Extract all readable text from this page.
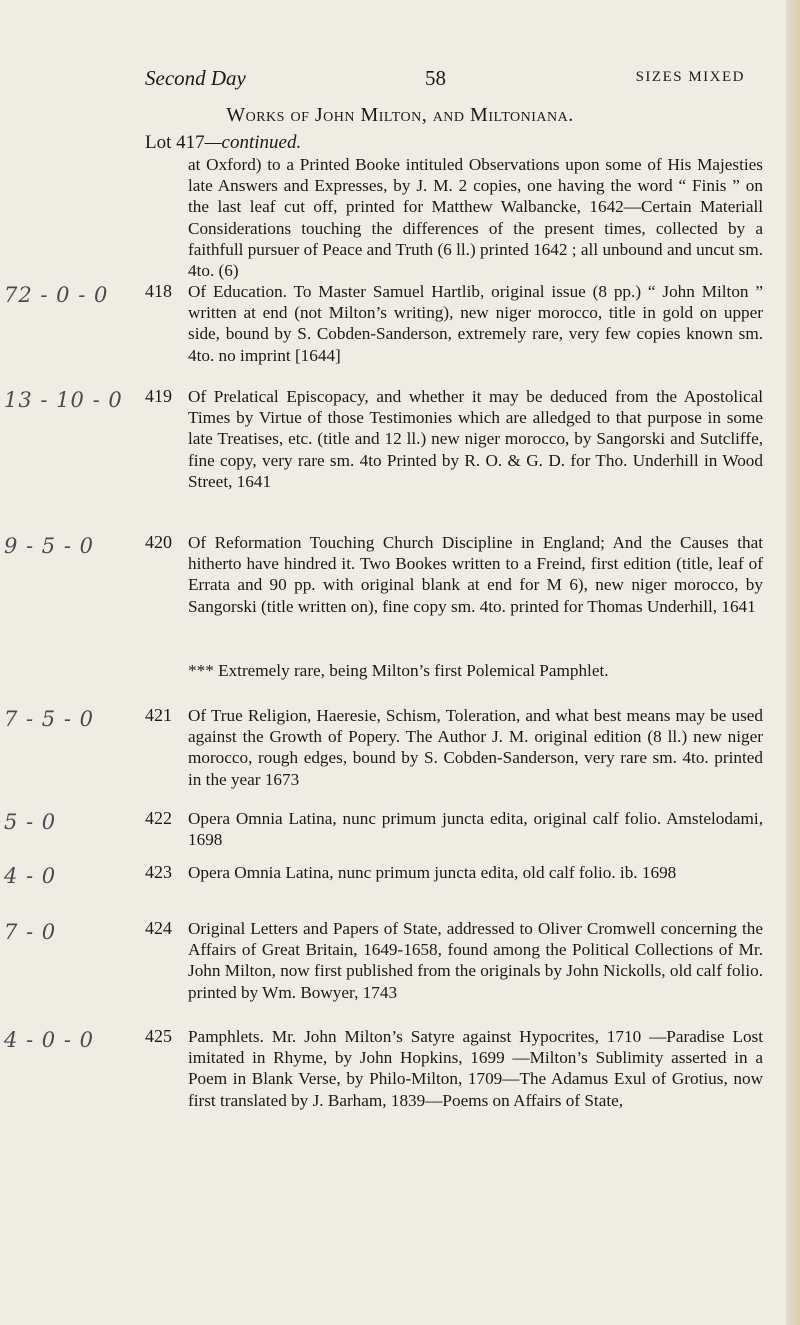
Second Day	58	SIZES MIXED
Works of John Milton, and Miltoniana.
Lot 417—continued.
at Oxford) to a Printed Booke intituled Observations upon some of His Majesties late Answers and Expresses, by J. M. 2 copies, one having the word “ Finis ” on the last leaf cut off, printed for Matthew Walbancke, 1642—Certain Materiall Considerations touching the differences of the present times, collected by a faithfull pursuer of Peace and Truth (6 ll.) printed 1642 ; all unbound and uncut sm. 4to. (6)
72 - 0 - 0	418 Of Education. To Master Samuel Hartlib, original issue (8 pp.) “ John Milton ” written at end (not Milton’s writing), new niger morocco, title in gold on upper side, bound by S. Cobden-Sanderson, extremely rare, very few copies known sm. 4to. no imprint [1644]
13 - 10 - 0	419 Of Prelatical Episcopacy, and whether it may be deduced from the Apostolical Times by Virtue of those Testimonies which are alledged to that purpose in some late Treatises, etc. (title and 12 ll.) new niger morocco, by Sangorski and Sutcliffe, fine copy, very rare sm. 4to Printed by R. O. & G. D. for Tho. Underhill in Wood Street, 1641
9 - 5 - 0	420 Of Reformation Touching Church Discipline in England; And the Causes that hitherto have hindred it. Two Bookes written to a Freind, first edition (title, leaf of Errata and 90 pp. with original blank at end for M 6), new niger morocco, by Sangorski (title written on), fine copy sm. 4to. printed for Thomas Underhill, 1641
*** Extremely rare, being Milton’s first Polemical Pamphlet.
7 - 5 - 0	421 Of True Religion, Haeresie, Schism, Toleration, and what best means may be used against the Growth of Popery. The Author J. M. original edition (8 ll.) new niger morocco, rough edges, bound by S. Cobden-Sanderson, very rare sm. 4to. printed in the year 1673
5 - 0	422 Opera Omnia Latina, nunc primum juncta edita, original calf folio. Amstelodami, 1698
4 - 0	423 Opera Omnia Latina, nunc primum juncta edita, old calf folio. ib. 1698
7 - 0	424 Original Letters and Papers of State, addressed to Oliver Cromwell concerning the Affairs of Great Britain, 1649-1658, found among the Political Collections of Mr. John Milton, now first published from the originals by John Nickolls, old calf folio. printed by Wm. Bowyer, 1743
4 - 0 - 0	425 Pamphlets. Mr. John Milton’s Satyre against Hypocrites, 1710 —Paradise Lost imitated in Rhyme, by John Hopkins, 1699 —Milton’s Sublimity asserted in a Poem in Blank Verse, by Philo-Milton, 1709—The Adamus Exul of Grotius, now first translated by J. Barham, 1839—Poems on Affairs of State,
